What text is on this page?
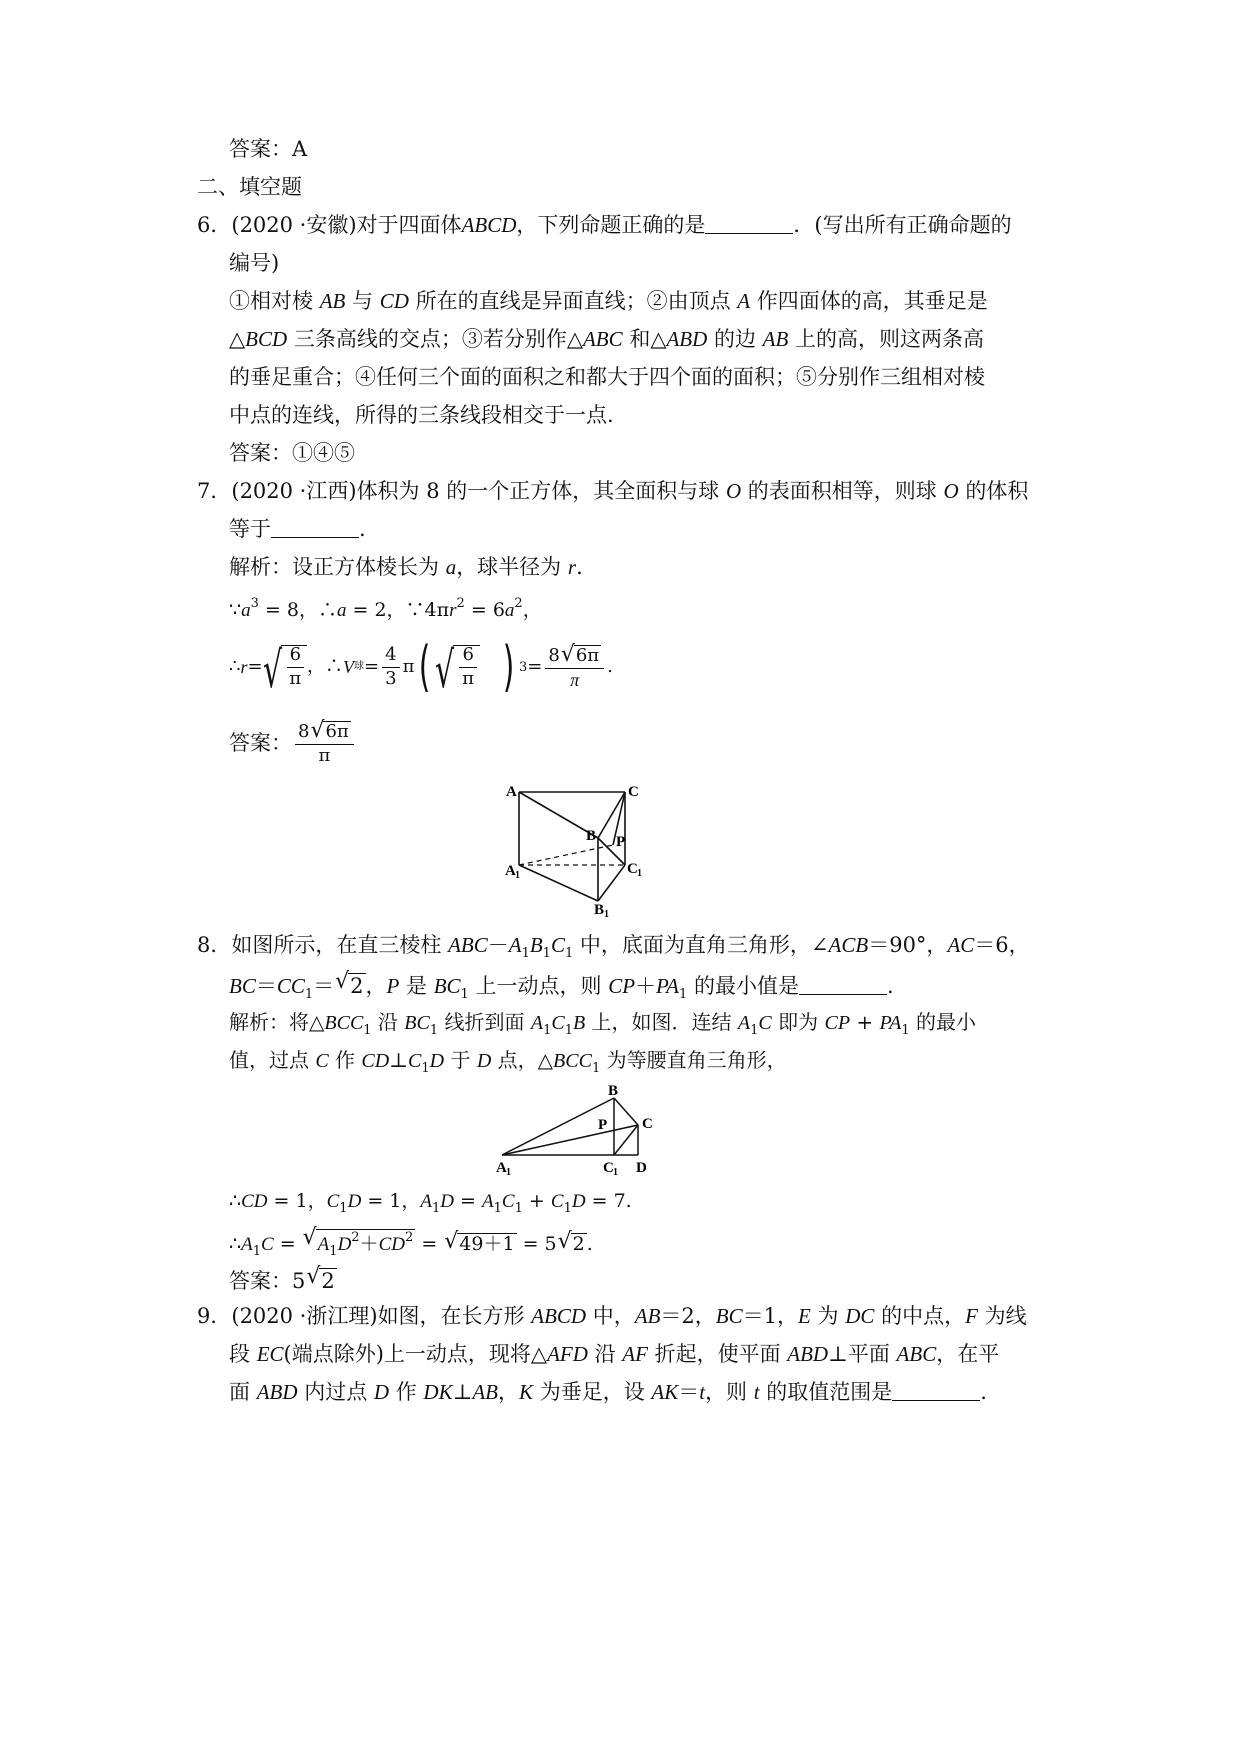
答案：A
二、填空题
6．(2020 ·安徽)对于四面体ABCD，下列命题正确的是	．(写出所有正确命题的
编号)
①相对棱 AB 与 CD 所在的直线是异面直线；②由顶点 A 作四面体的高，其垂足是
△BCD 三条高线的交点；③若分别作△ABC 和△ABD 的边 AB 上的高，则这两条高
的垂足重合；④任何三个面的面积之和都大于四个面的面积；⑤分别作三组相对棱
中点的连线，所得的三条线段相交于一点.
答案：①④⑤
7．(2020 ·江西)体积为 8 的一个正方体，其全面积与球 O 的表面积相等，则球 O 的体积
等于	.
解析：设正方体棱长为 a，球半径为 r.
$\because a^3 = 8$，∴a = 2，$\because 4\pi r^2 = 6a^2$，
∴ r = √ $\frac{6}{\pi}$ ，∴ V 球 = $\frac{4}{3}$ π ( √ $\frac{6}{\pi}$ ) $3 = \frac{8√ 6\pi}{\pi}$ .
答案： $\frac{8√ 6\pi}{\pi}$
A	C
B P
A 1	C 1
B 1
8．如图所示，在直三棱柱 $ABC-A_1B_1C_1$ 中，底面为直角三角形，∠ACB＝90°，AC＝6，
$BC=CC_1=√$ 2，P 是 $BC_1$ 上一动点，则 $CP+PA_1$ 的最小值是	.
解析：将$\triangle BCC_1$ 沿 $BC_1$ 线折到面 $A_1C_1B$ 上，如图．连结 $A_1C$ 即为 CP + $PA_1$ 的最小
值，过点 C 作 $CD\perp C_1D$ 于 D 点，$\triangle BCC_1$ 为等腰直角三角形，
B
P C
A 1	C 1 D
∴CD = 1，$C_1D = 1$，$A_1D = A_1C_1 + C_1D = 7$.
$\therefore A_1C$ = √ $A_1D^2+CD^2$ = √ 49＋1 = 5√ 2 .
答案：5√ 2
9．(2020 ·浙江理)如图，在长方形 ABCD 中，AB＝2，BC＝1，E 为 DC 的中点，F 为线
段 EC(端点除外)上一动点，现将△AFD 沿 AF 折起，使平面 ABD⊥平面 ABC，在平
面 ABD 内过点 D 作 DK⊥AB，K 为垂足，设 AK＝t，则 t 的取值范围是	.
